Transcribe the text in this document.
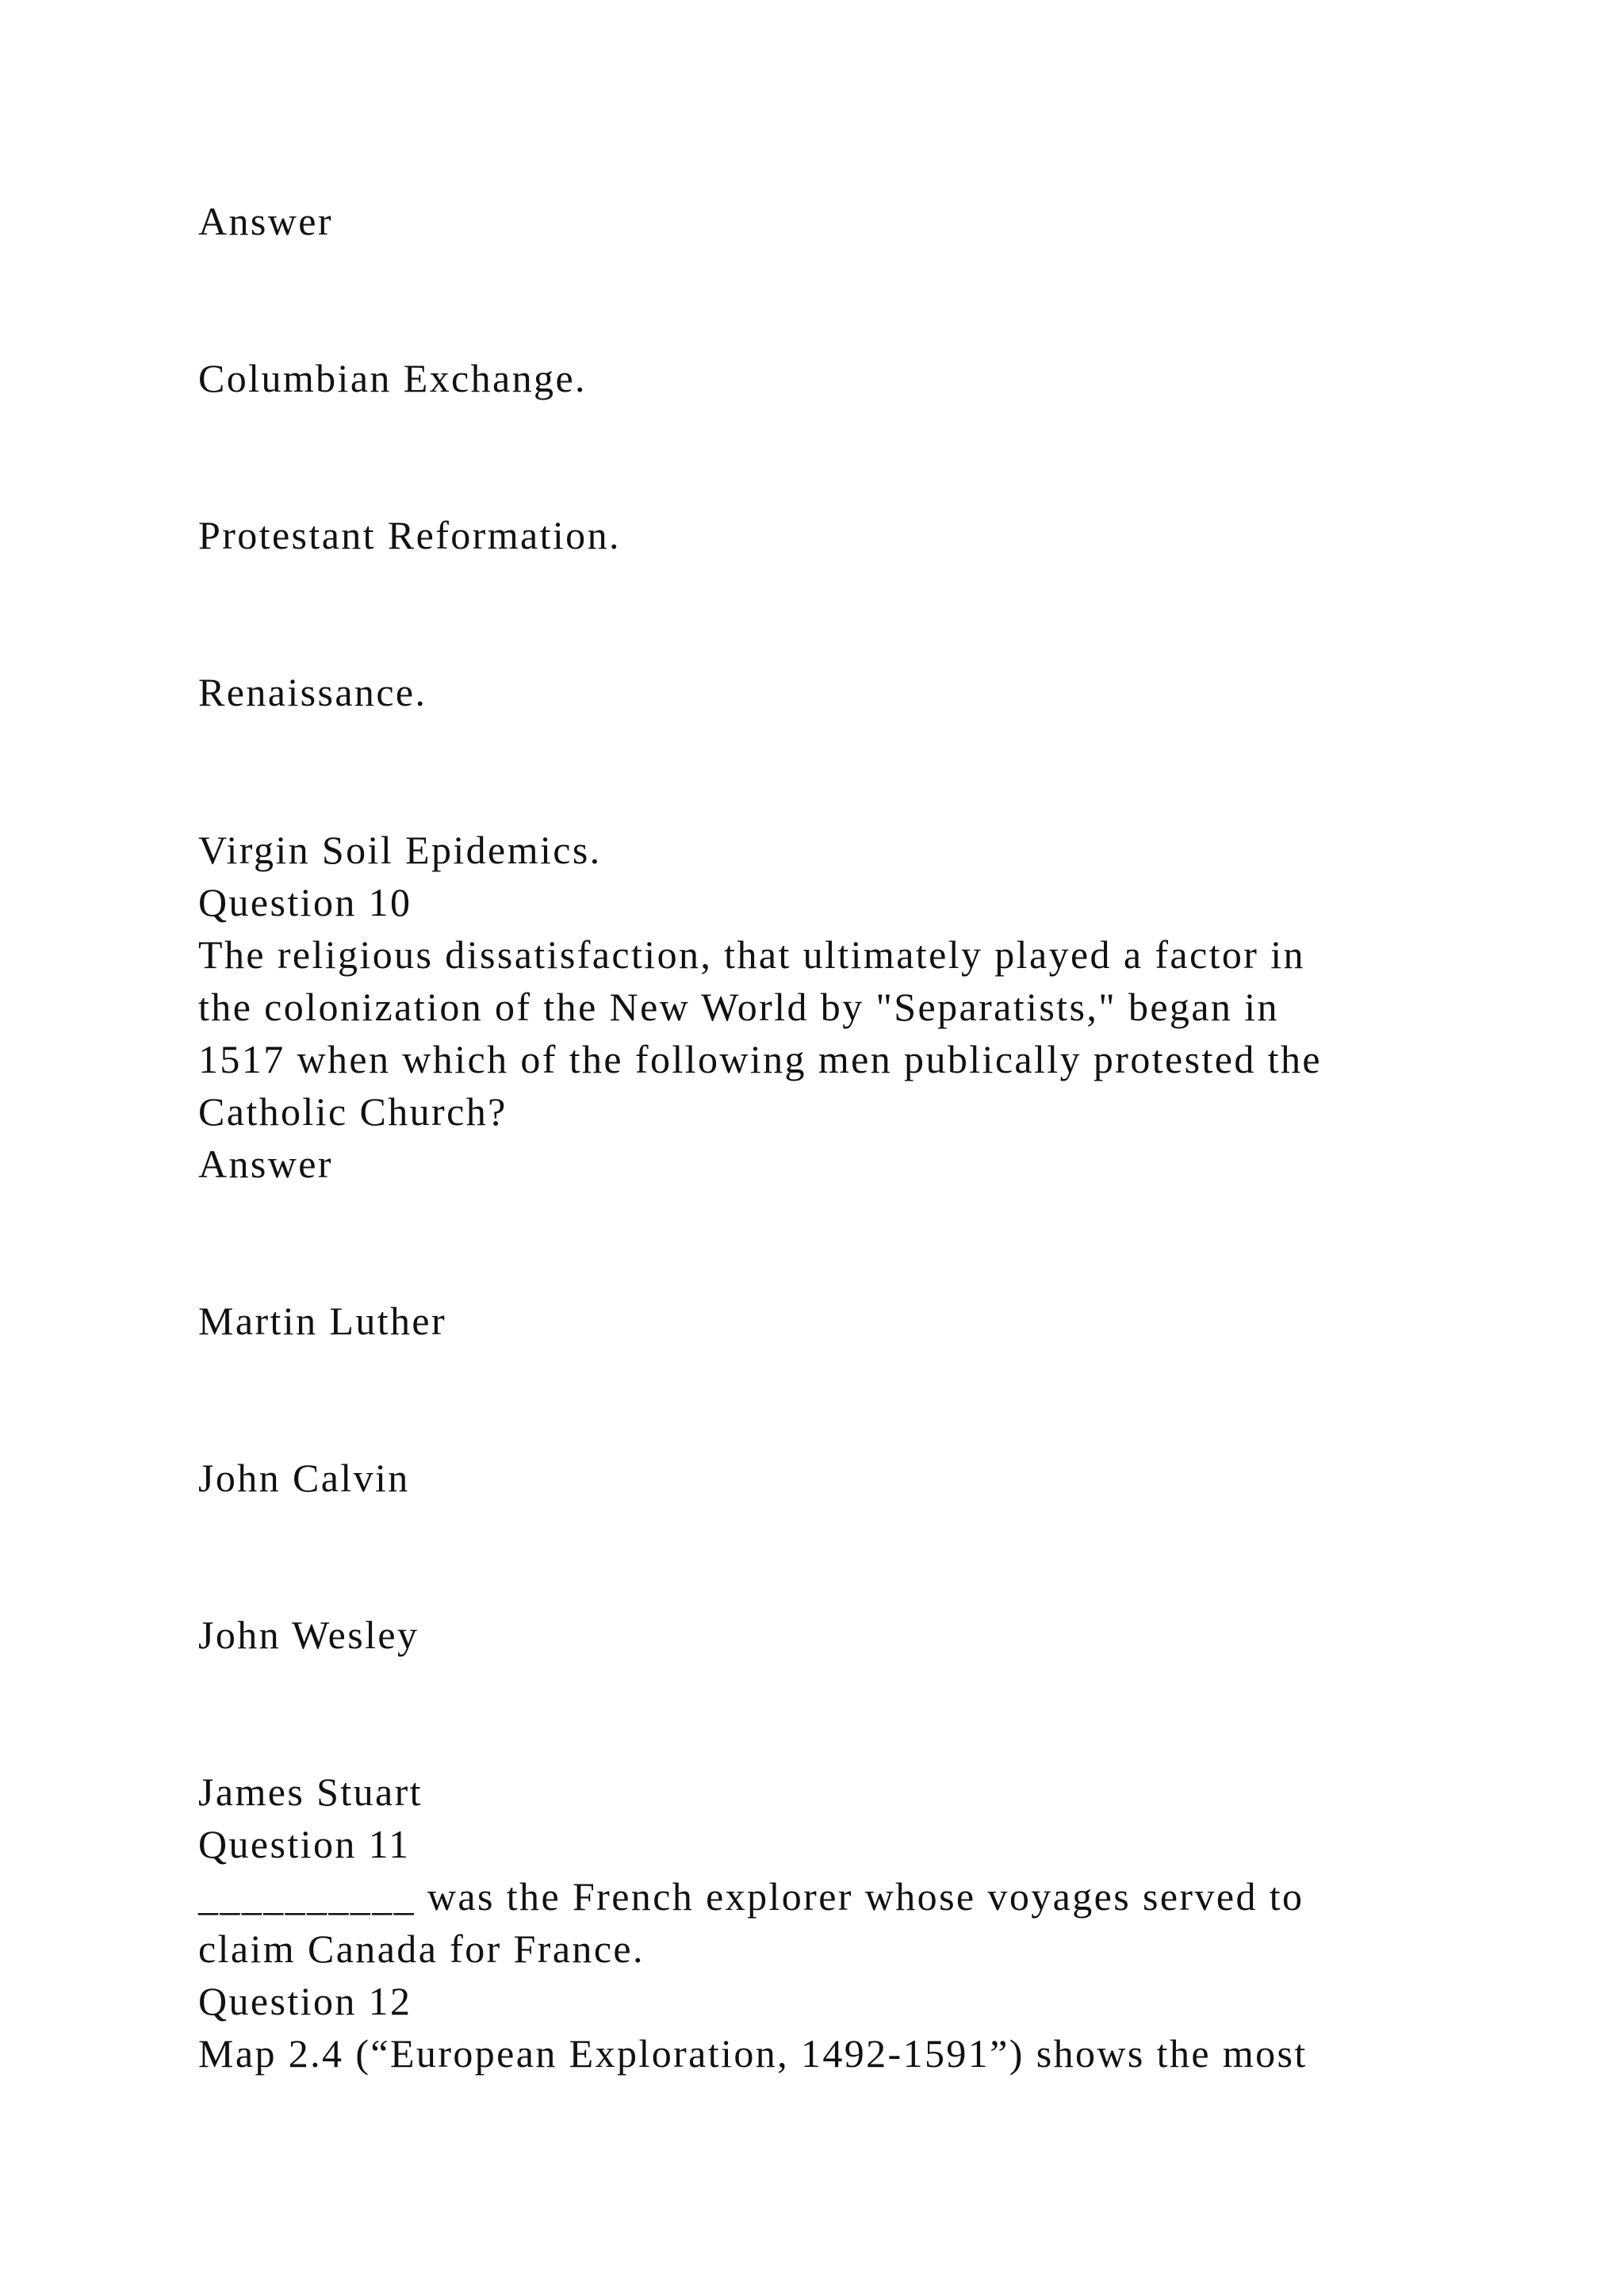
Answer
Columbian Exchange.
Protestant Reformation.
Renaissance.
Virgin Soil Epidemics.
Question 10
The religious dissatisfaction, that ultimately played a factor in
the colonization of the New World by "Separatists," began in
1517 when which of the following men publically protested the
Catholic Church?
Answer
Martin Luther
John Calvin
John Wesley
James Stuart
Question 11
__________ was the French explorer whose voyages served to
claim Canada for France.
Question 12
Map 2.4 (“European Exploration, 1492-1591”) shows the most
